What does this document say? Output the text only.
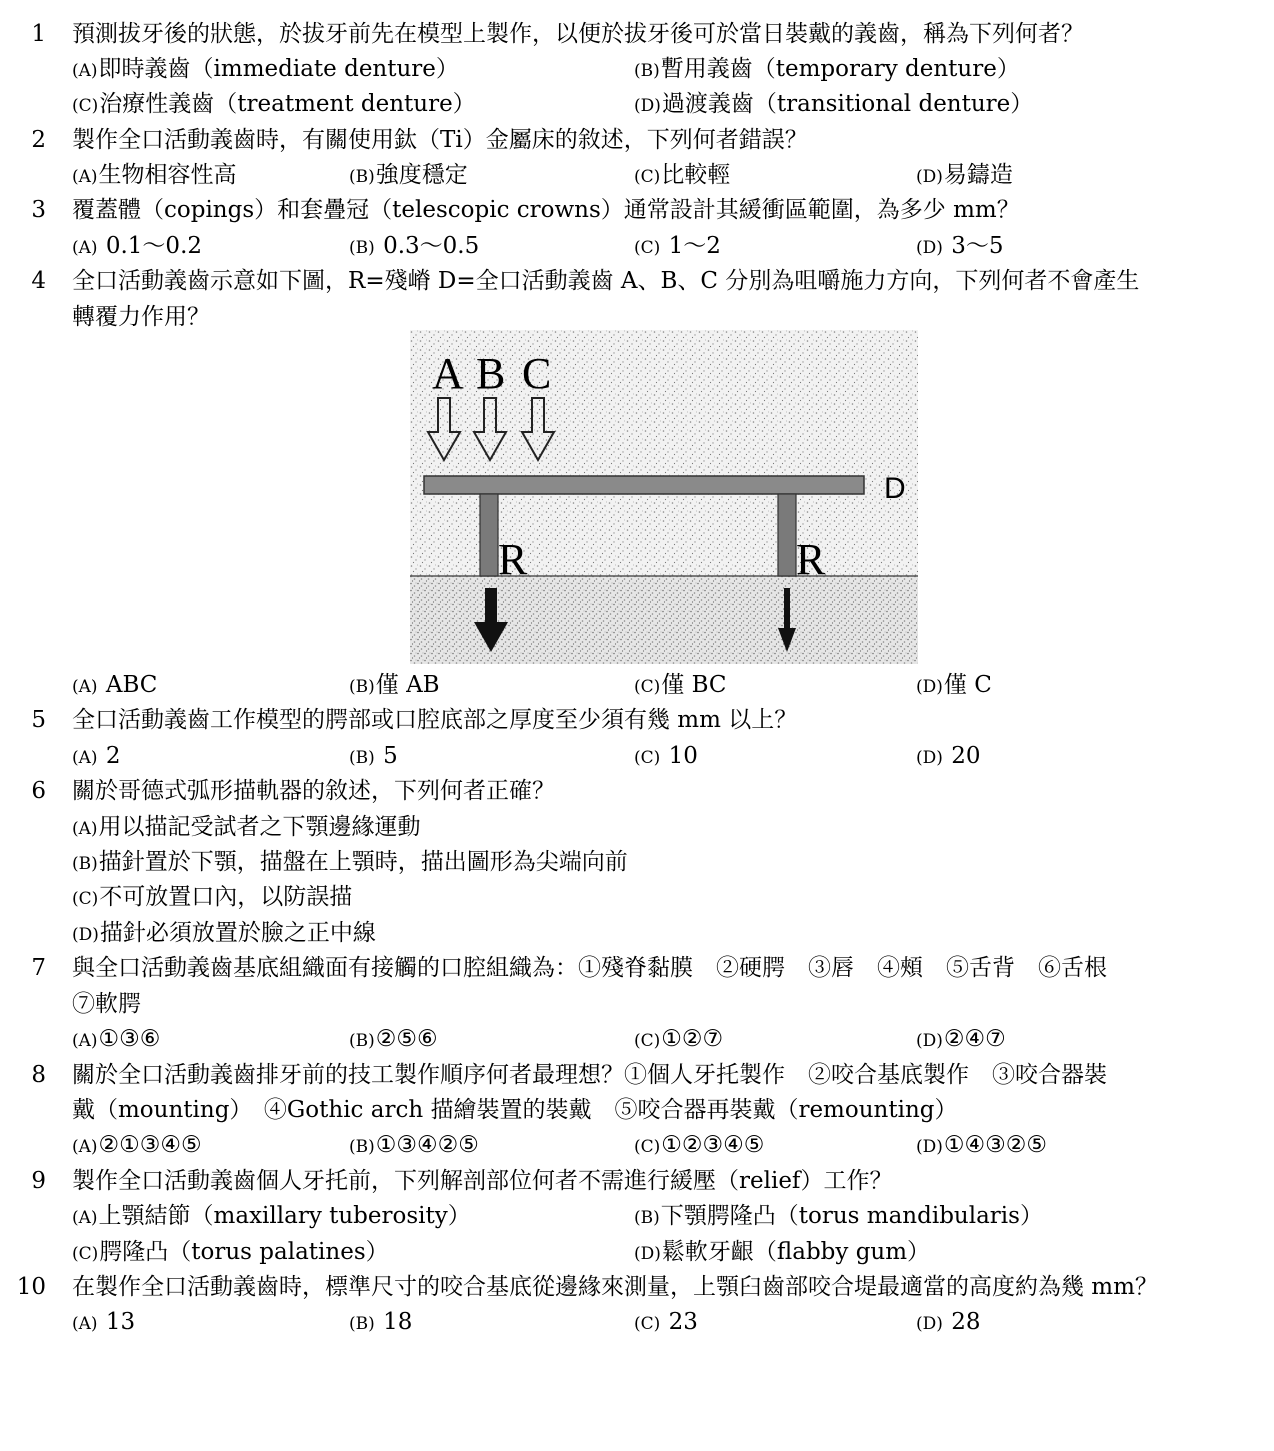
1 預測拔牙後的狀態，於拔牙前先在模型上製作，以便於拔牙後可於當日裝戴的義齒，稱為下列何者？
(A)即時義齒（immediate denture）	(B)暫用義齒（temporary denture）
(C)治療性義齒（treatment denture）	(D)過渡義齒（transitional denture）
2 製作全口活動義齒時，有關使用鈦（Ti）金屬床的敘述，下列何者錯誤？
(A)生物相容性高	(B)強度穩定	(C)比較輕	(D)易鑄造
3 覆蓋體（copings）和套疊冠（telescopic crowns）通常設計其緩衝區範圍，為多少 mm？
(A) 0.1～0.2	(B) 0.3～0.5	(C) 1～2	(D) 3～5
4 全口活動義齒示意如下圖，R=殘嵴 D=全口活動義齒 A、B、C 分別為咀嚼施力方向，下列何者不會產生
轉覆力作用？
A B C
D
R	R
(A) ABC	(B)僅 AB	(C)僅 BC	(D)僅 C
5 全口活動義齒工作模型的腭部或口腔底部之厚度至少須有幾 mm 以上？
(A) 2	(B) 5	(C) 10	(D) 20
6 關於哥德式弧形描軌器的敘述，下列何者正確？
(A)用以描記受試者之下顎邊緣運動
(B)描針置於下顎，描盤在上顎時，描出圖形為尖端向前
(C)不可放置口內，以防誤描
(D)描針必須放置於臉之正中線
7 與全口活動義齒基底組織面有接觸的口腔組織為：①殘脊黏膜　②硬腭　③唇　④頰　⑤舌背　⑥舌根
⑦軟腭
(A)①③⑥	(B)②⑤⑥	(C)①②⑦	(D)②④⑦
8 關於全口活動義齒排牙前的技工製作順序何者最理想？①個人牙托製作　②咬合基底製作　③咬合器裝
戴（mounting）　④Gothic arch 描繪裝置的裝戴　⑤咬合器再裝戴（remounting）
(A)②①③④⑤	(B)①③④②⑤	(C)①②③④⑤	(D)①④③②⑤
9 製作全口活動義齒個人牙托前，下列解剖部位何者不需進行緩壓（relief）工作？
(A)上顎結節（maxillary tuberosity）	(B)下顎腭隆凸（torus mandibularis）
(C)腭隆凸（torus palatines）	(D)鬆軟牙齦（flabby gum）
10 在製作全口活動義齒時，標準尺寸的咬合基底從邊緣來測量，上顎臼齒部咬合堤最適當的高度約為幾 mm？
(A) 13	(B) 18	(C) 23	(D) 28
